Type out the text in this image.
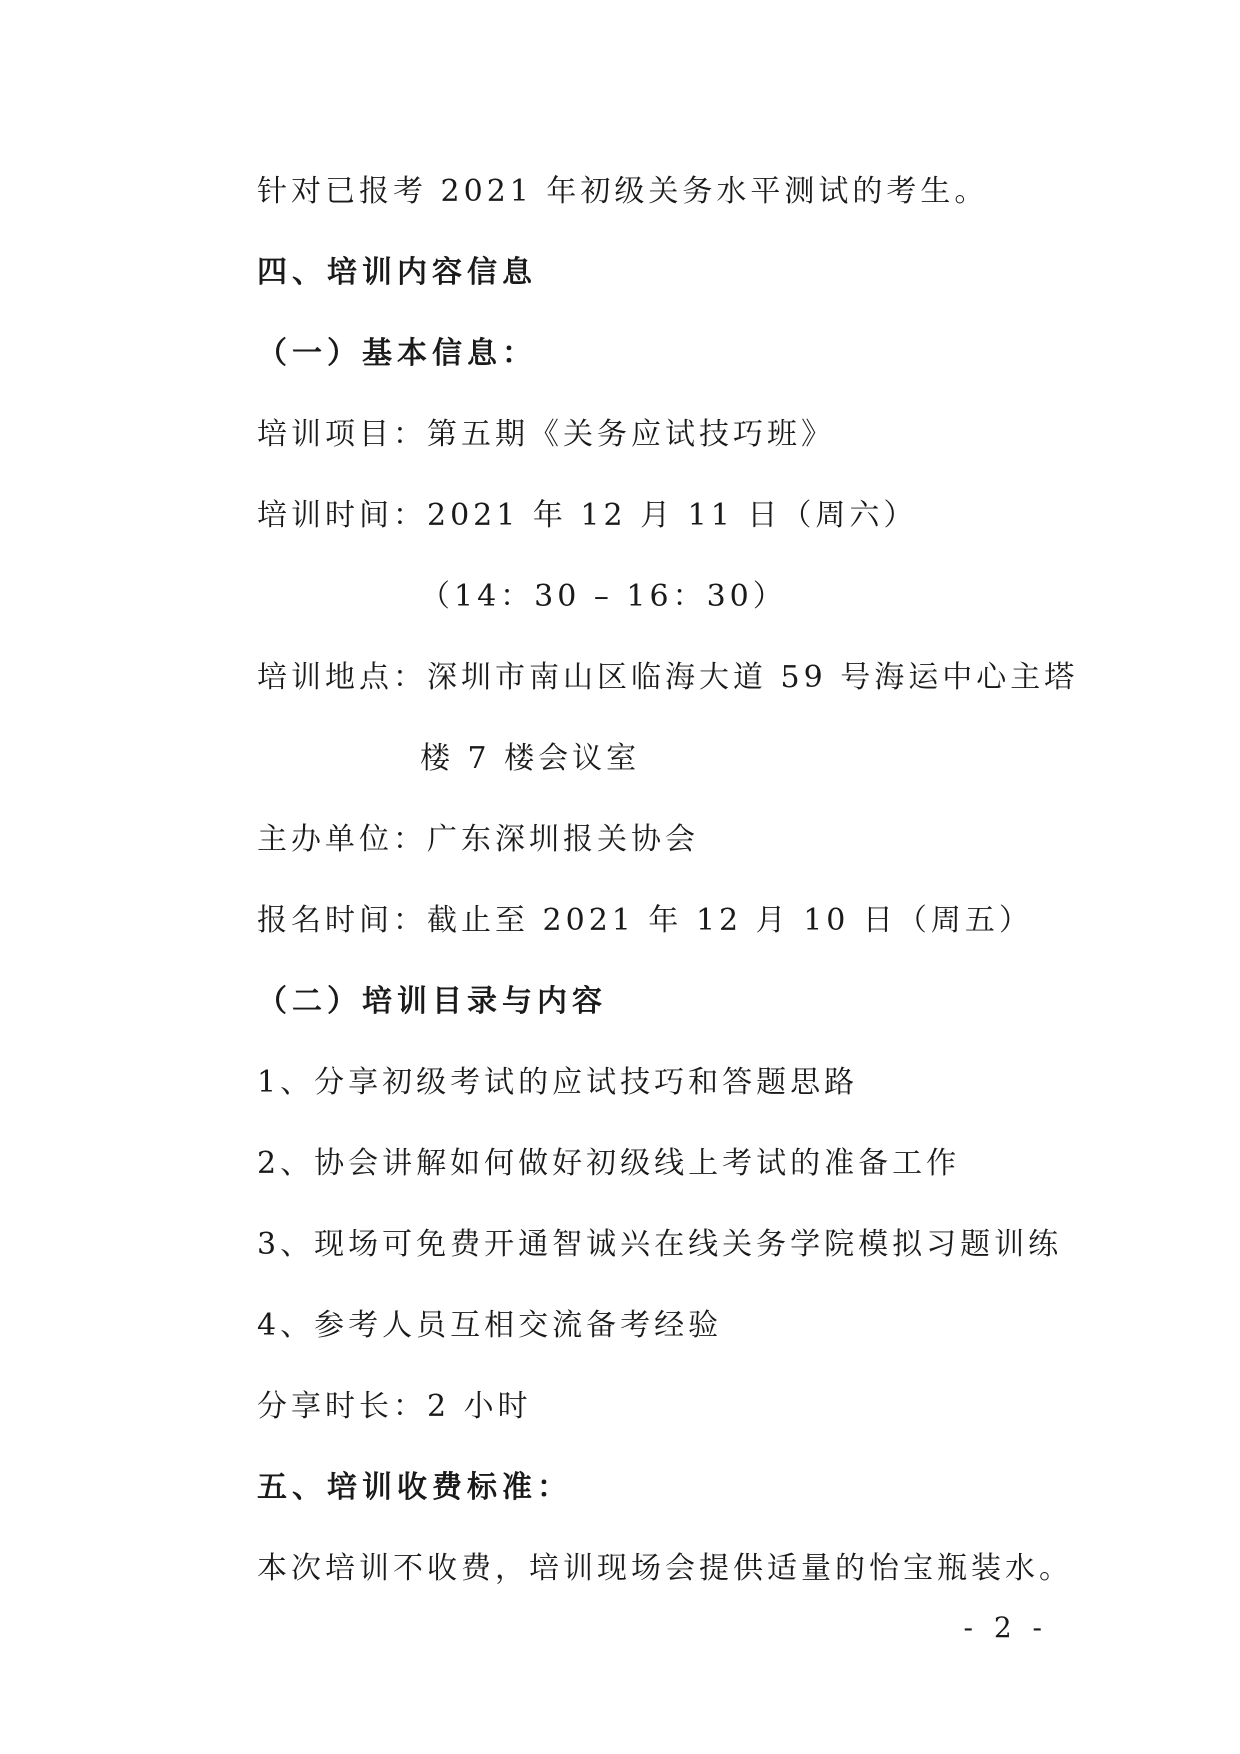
针对已报考 2021 年初级关务水平测试的考生。
四、培训内容信息
（一）基本信息：
培训项目：第五期《关务应试技巧班》
培训时间：2021 年 12 月 11 日（周六）
（14：30 – 16：30）
培训地点：深圳市南山区临海大道 59 号海运中心主塔
楼 7 楼会议室
主办单位：广东深圳报关协会
报名时间：截止至 2021 年 12 月 10 日（周五）
（二）培训目录与内容
1、分享初级考试的应试技巧和答题思路
2、协会讲解如何做好初级线上考试的准备工作
3、现场可免费开通智诚兴在线关务学院模拟习题训练
4、参考人员互相交流备考经验
分享时长：2 小时
五、培训收费标准：
本次培训不收费，培训现场会提供适量的怡宝瓶装水。
- 2 -
